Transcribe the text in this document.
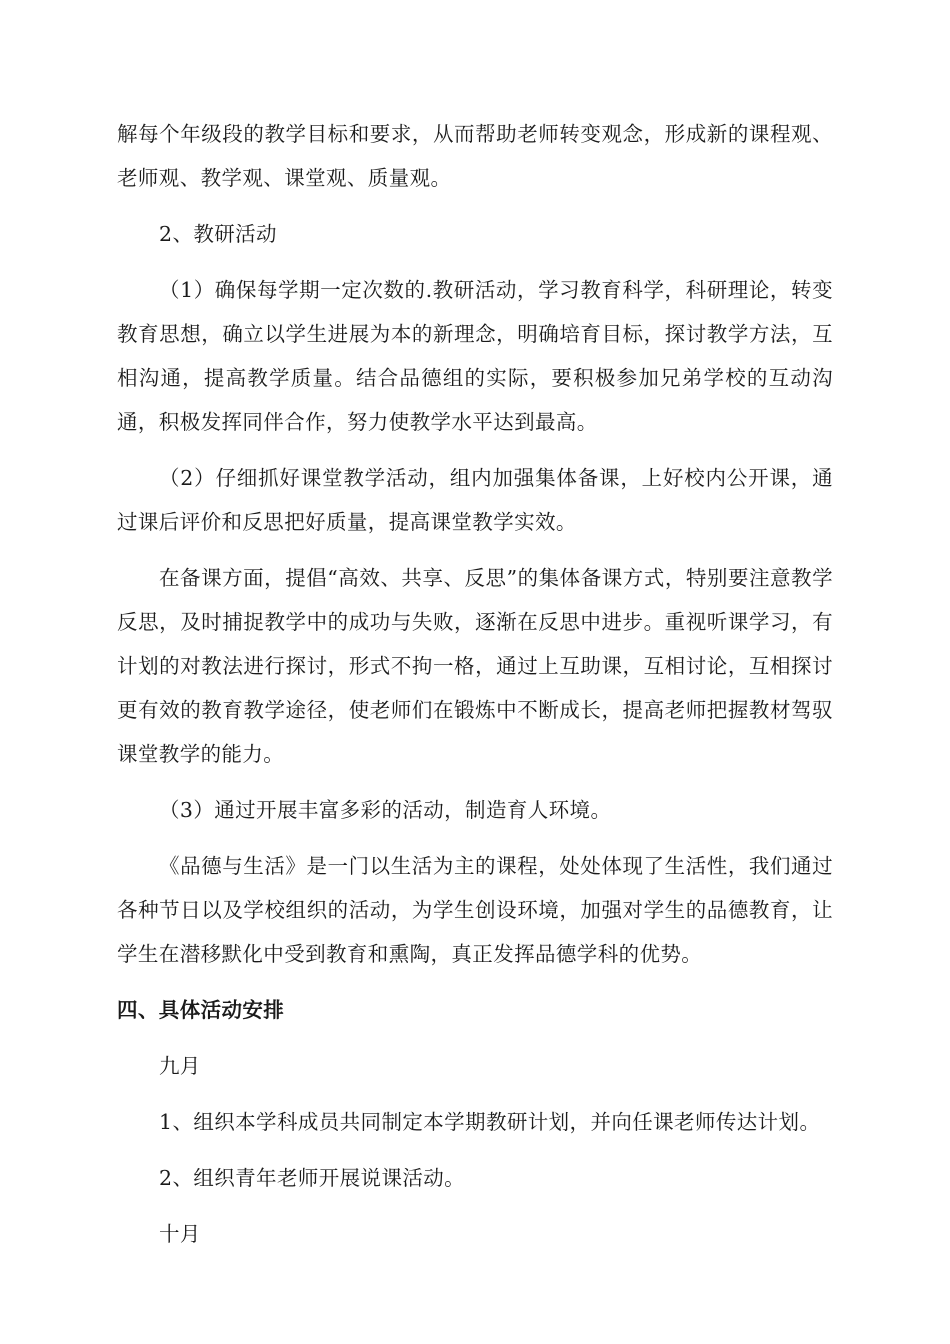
解每个年级段的教学目标和要求，从而帮助老师转变观念，形成新的课程观、老师观、教学观、课堂观、质量观。

2、教研活动

（1）确保每学期一定次数的.教研活动，学习教育科学，科研理论，转变教育思想，确立以学生进展为本的新理念，明确培育目标，探讨教学方法，互相沟通，提高教学质量。结合品德组的实际，要积极参加兄弟学校的互动沟通，积极发挥同伴合作，努力使教学水平达到最高。

（2）仔细抓好课堂教学活动，组内加强集体备课，上好校内公开课，通过课后评价和反思把好质量，提高课堂教学实效。

在备课方面，提倡“高效、共享、反思”的集体备课方式，特别要注意教学反思，及时捕捉教学中的成功与失败，逐渐在反思中进步。重视听课学习，有计划的对教法进行探讨，形式不拘一格，通过上互助课，互相讨论，互相探讨更有效的教育教学途径，使老师们在锻炼中不断成长，提高老师把握教材驾驭课堂教学的能力。

（3）通过开展丰富多彩的活动，制造育人环境。

《品德与生活》是一门以生活为主的课程，处处体现了生活性，我们通过各种节日以及学校组织的活动，为学生创设环境，加强对学生的品德教育，让学生在潜移默化中受到教育和熏陶，真正发挥品德学科的优势。

四、具体活动安排

九月

1、组织本学科成员共同制定本学期教研计划，并向任课老师传达计划。

2、组织青年老师开展说课活动。

十月
